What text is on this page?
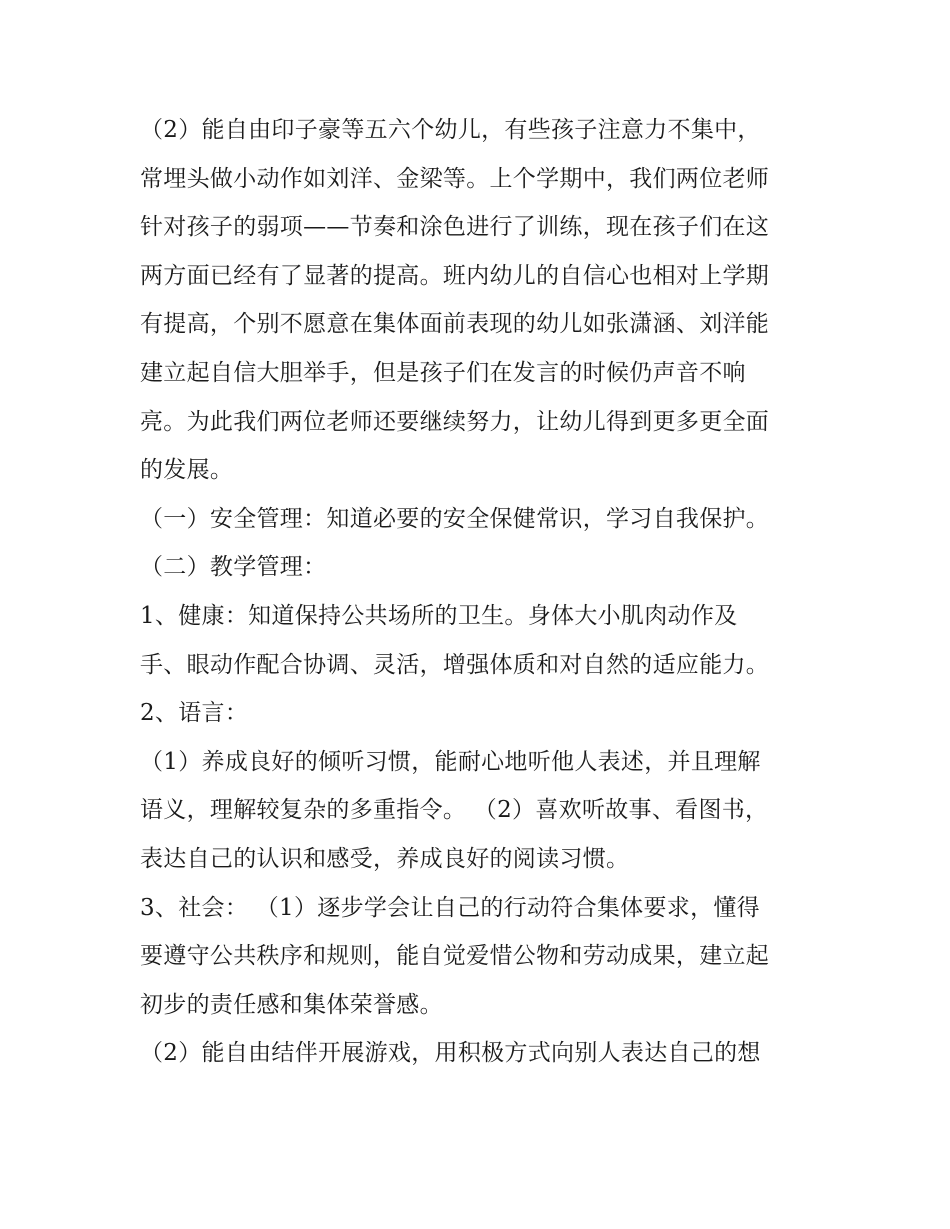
（2）能自由印子豪等五六个幼儿，有些孩子注意力不集中，
常埋头做小动作如刘洋、金梁等。上个学期中，我们两位老师
针对孩子的弱项——节奏和涂色进行了训练，现在孩子们在这
两方面已经有了显著的提高。班内幼儿的自信心也相对上学期
有提高，个别不愿意在集体面前表现的幼儿如张潇涵、刘洋能
建立起自信大胆举手，但是孩子们在发言的时候仍声音不响
亮。为此我们两位老师还要继续努力，让幼儿得到更多更全面
的发展。
（一）安全管理：知道必要的安全保健常识，学习自我保护。
（二）教学管理：
1、健康：知道保持公共场所的卫生。身体大小肌肉动作及
手、眼动作配合协调、灵活，增强体质和对自然的适应能力。
2、语言：
（1）养成良好的倾听习惯，能耐心地听他人表述，并且理解
语义，理解较复杂的多重指令。 （2）喜欢听故事、看图书，
表达自己的认识和感受，养成良好的阅读习惯。
3、社会： （1）逐步学会让自己的行动符合集体要求，懂得
要遵守公共秩序和规则，能自觉爱惜公物和劳动成果，建立起
初步的责任感和集体荣誉感。
（2）能自由结伴开展游戏，用积极方式向别人表达自己的想
